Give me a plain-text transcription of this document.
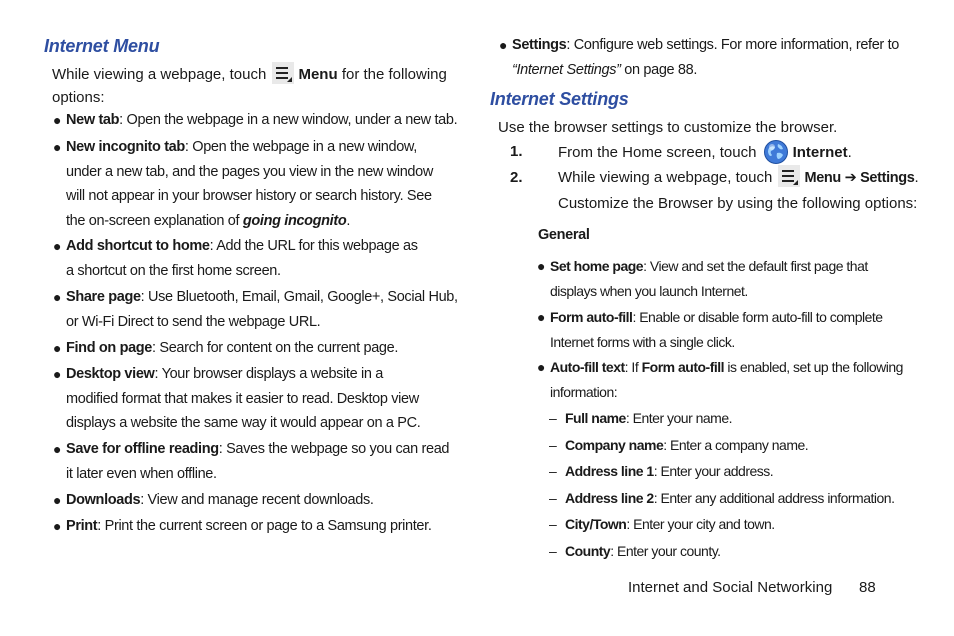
Internet Menu
While viewing a webpage, touch Menu for the following
options:
● New tab: Open the webpage in a new window, under a new tab.
● New incognito tab: Open the webpage in a new window, under a new tab, and the pages you view in the new window will not appear in your browser history or search history. See the on-screen explanation of going incognito.
● Add shortcut to home: Add the URL for this webpage as a shortcut on the first home screen.
● Share page: Use Bluetooth, Email, Gmail, Google+, Social Hub, or Wi-Fi Direct to send the webpage URL.
● Find on page: Search for content on the current page.
● Desktop view: Your browser displays a website in a modified format that makes it easier to read. Desktop view displays a website the same way it would appear on a PC.
● Save for offline reading: Saves the webpage so you can read it later even when offline.
● Downloads: View and manage recent downloads.
● Print: Print the current screen or page to a Samsung printer.
● Settings: Configure web settings. For more information, refer to
“Internet Settings” on page 88.
Internet Settings
Use the browser settings to customize the browser.
1. From the Home screen, touch Internet.
2. While viewing a webpage, touch Menu ➔ Settings.
Customize the Browser by using the following options:
General
● Set home page: View and set the default first page that displays when you launch Internet.
● Form auto-fill: Enable or disable form auto-fill to complete Internet forms with a single click.
● Auto-fill text: If Form auto-fill is enabled, set up the following information:
– Full name: Enter your name.
– Company name: Enter a company name.
– Address line 1: Enter your address.
– Address line 2: Enter any additional address information.
– City/Town: Enter your city and town.
– County: Enter your county.
Internet and Social Networking 88
